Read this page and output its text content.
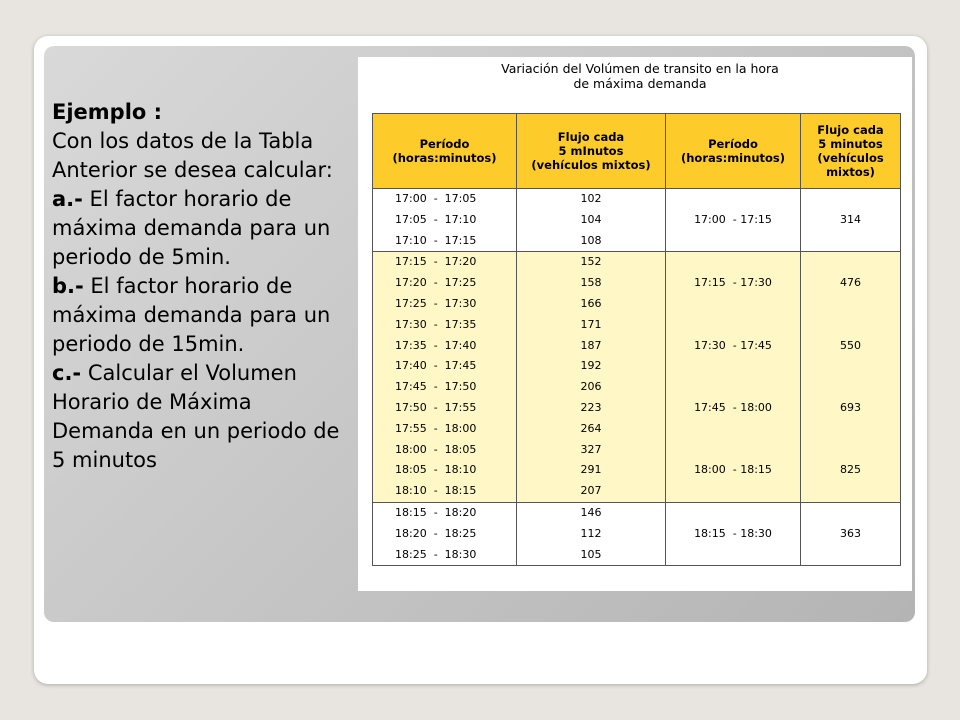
Ejemplo :

Con los datos de la Tabla Anterior se desea calcular:

a.- El factor horario de máxima demanda para un periodo de 5min.

b.- El factor horario de máxima demanda para un periodo de 15min.

c.- Calcular el Volumen Horario de Máxima Demanda en un periodo de 5 minutos

Variación del Volúmen de transito en la hora
de máxima demanda
Período
(horas:minutos)	Flujo cada
5 mInutos
(vehículos mixtos)	Período
(horas:minutos)	Flujo cada
5 minutos
(vehículos
mixtos)
17:00  -  17:05	102		
17:05  -  17:10	104	17:00  - 17:15	314
17:10  -  17:15	108		
17:15  -  17:20	152		
17:20  -  17:25	158	17:15  - 17:30	476
17:25  -  17:30	166		
17:30  -  17:35	171		
17:35  -  17:40	187	17:30  - 17:45	550
17:40  -  17:45	192		
17:45  -  17:50	206		
17:50  -  17:55	223	17:45  - 18:00	693
17:55  -  18:00	264		
18:00  -  18:05	327		
18:05  -  18:10	291	18:00  - 18:15	825
18:10  -  18:15	207		
18:15  -  18:20	146		
18:20  -  18:25	112	18:15  - 18:30	363
18:25  -  18:30	105		
